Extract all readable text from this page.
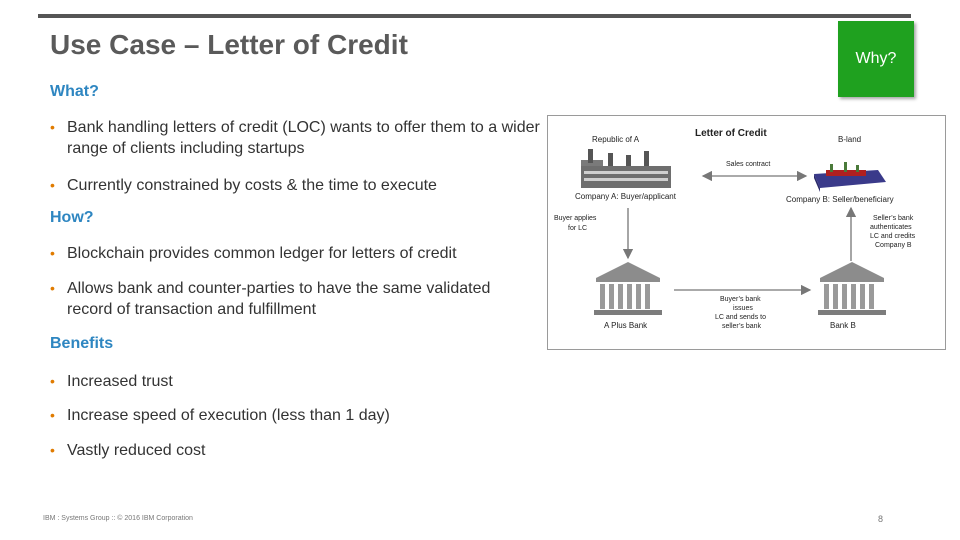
Use Case – Letter of Credit	Why?
What?
• Bank handling letters of credit (LOC) wants to offer them to a wider range of clients including startups
• Currently constrained by costs & the time to execute
How?
• Blockchain provides common ledger for letters of credit
• Allows bank and counter-parties to have the same validated record of transaction and fulfillment
Benefits
• Increased trust
• Increase speed of execution (less than 1 day)
• Vastly reduced cost
Letter of Credit
Republic of A	B-land
Company A: Buyer/applicant	Company B: Seller/beneficiary
Sales contract
Buyer applies
for LC
Seller’s bank
authenticates
LC and credits
Company B
A Plus Bank	Bank B
Buyer’s bank
issues
LC and sends to
seller’s bank
IBM : Systems Group :: © 2016 IBM Corporation	8
